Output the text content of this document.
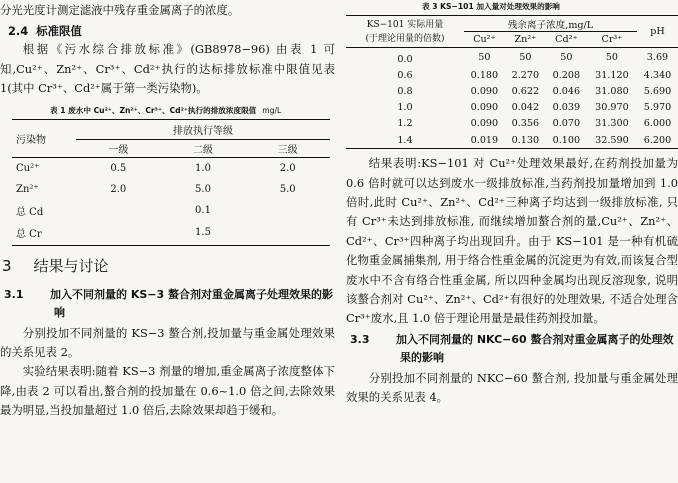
分光光度计测定滤液中残存重金属离子的浓度。

2.4 标准限值

根据《污水综合排放标准》(GB8978−96) 由表 1 可知,Cu²⁺、Zn²⁺、Cr³⁺、Cd²⁺执行的达标排放标准中限值见表 1(其中 Cr³⁺、Cd²⁺属于第一类污染物)。

表 1 废水中 Cu²⁺、Zn²⁺、Cr³⁺、Cd²⁺执行的排放浓度限值 mg/L
污染物	排放执行等级		
	一级	二级	三级
Cu²⁺	0.5	1.0	2.0
Zn²⁺	2.0	5.0	5.0
总 Cd		0.1	
总 Cr		1.5	
3 结果与讨论
3.1 加入不同剂量的 KS−3 螯合剂对重金属离子处理效果的影响

分别投加不同剂量的 KS−3 螯合剂,投加量与重金属处理效果的关系见表 2。

实验结果表明:随着 KS−3 剂量的增加,重金属离子浓度整体下降,由表 2 可以看出,螯合剂的投加量在 0.6~1.0 倍之间,去除效果最为明显,当投加量超过 1.0 倍后,去除效果却趋于缓和。

表 3 KS−101 加入量对处理效果的影响
KS−101 实际用量
(于理论用量的倍数)	残余离子浓度,mg/L				pH
	Cu²⁺	Zn²⁺	Cd²⁺	Cr³⁺	
0.0	50	50	50	50	3.69
0.6	0.180	2.270	0.208	31.120	4.340
0.8	0.090	0.622	0.046	31.080	5.690
1.0	0.090	0.042	0.039	30.970	5.970
1.2	0.090	0.356	0.070	31.300	6.000
1.4	0.019	0.130	0.100	32.590	6.200

结果表明:KS−101 对 Cu²⁺处理效果最好,在药剂投加量为 0.6 倍时就可以达到废水一级排放标准,当药剂投加量增加到 1.0 倍时,此时 Cu²⁺、Zn²⁺、Cd²⁺三种离子均达到一级排放标准, 只有 Cr³⁺未达到排放标准, 而继续增加螯合剂的量,Cu²⁺、Zn²⁺、Cd²⁺、Cr³⁺四种离子均出现回升。由于 KS−101 是一种有机硫化物重金属捕集剂, 用于络合性重金属的沉淀更为有效,而该复合型废水中不含有络合性重金属, 所以四种金属均出现反溶现象, 说明该螯合剂对 Cu²⁺、Zn²⁺、Cd²⁺有很好的处理效果, 不适合处理含 Cr³⁺废水,且 1.0 倍于理论用量是最佳药剂投加量。

3.3 加入不同剂量的 NKC−60 螯合剂对重金属离子的处理效果的影响

分别投加不同剂量的 NKC−60 螯合剂, 投加量与重金属处理效果的关系见表 4。
